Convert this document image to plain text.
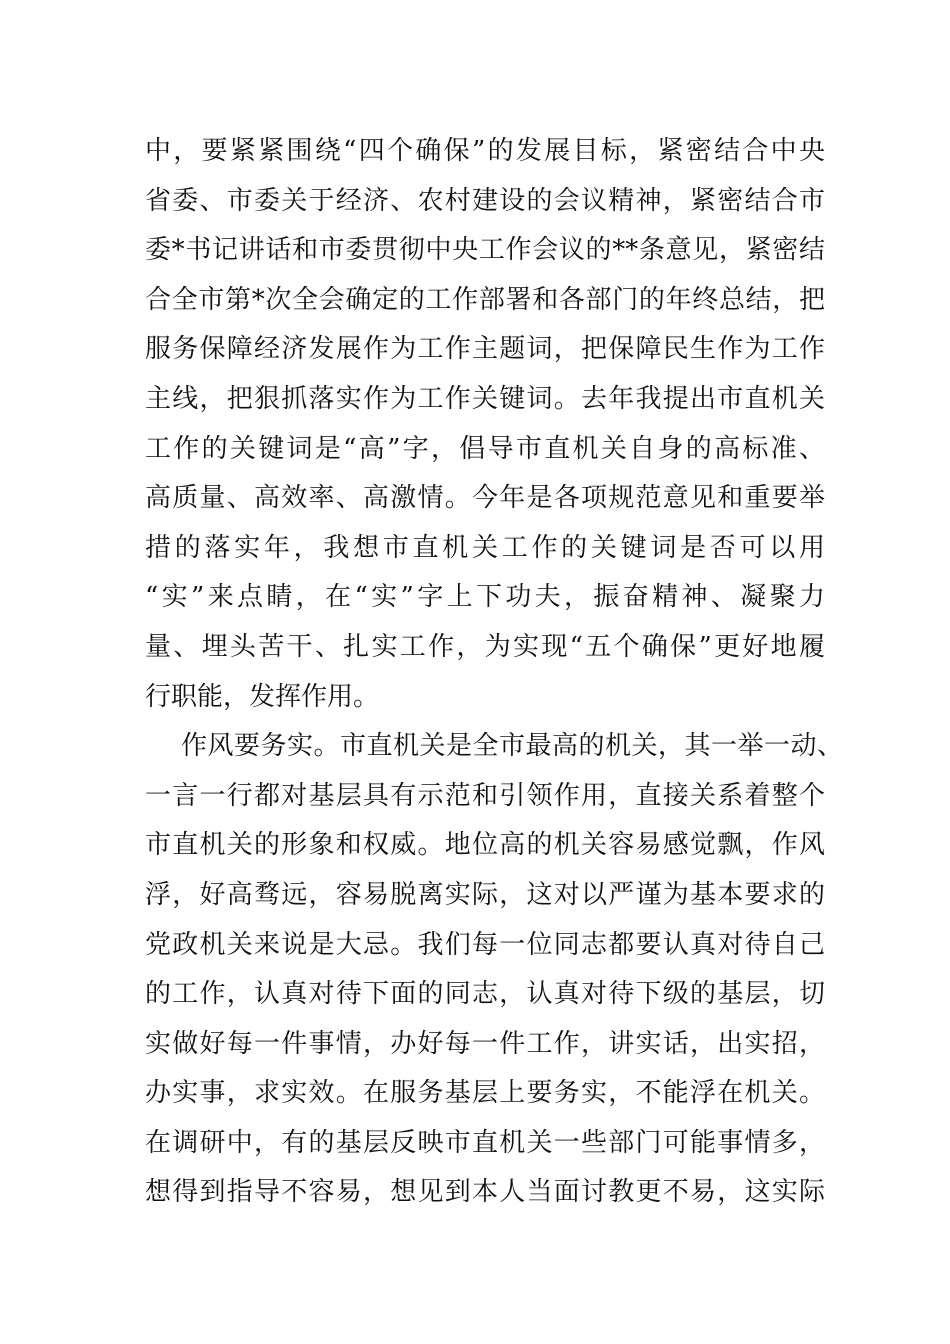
中，要紧紧围绕“四个确保”的发展目标，紧密结合中央
省委、市委关于经济、农村建设的会议精神，紧密结合市
委*书记讲话和市委贯彻中央工作会议的**条意见，紧密结
合全市第*次全会确定的工作部署和各部门的年终总结，把
服务保障经济发展作为工作主题词，把保障民生作为工作
主线，把狠抓落实作为工作关键词。去年我提出市直机关
工作的关键词是“高”字，倡导市直机关自身的高标准、
高质量、高效率、高激情。今年是各项规范意见和重要举
措的落实年，我想市直机关工作的关键词是否可以用
“实”来点睛，在“实”字上下功夫，振奋精神、凝聚力
量、埋头苦干、扎实工作，为实现“五个确保”更好地履
行职能，发挥作用。
作风要务实。市直机关是全市最高的机关，其一举一动、
一言一行都对基层具有示范和引领作用，直接关系着整个
市直机关的形象和权威。地位高的机关容易感觉飘，作风
浮，好高骛远，容易脱离实际，这对以严谨为基本要求的
党政机关来说是大忌。我们每一位同志都要认真对待自己
的工作，认真对待下面的同志，认真对待下级的基层，切
实做好每一件事情，办好每一件工作，讲实话，出实招，
办实事，求实效。在服务基层上要务实，不能浮在机关。
在调研中，有的基层反映市直机关一些部门可能事情多，
想得到指导不容易，想见到本人当面讨教更不易，这实际
